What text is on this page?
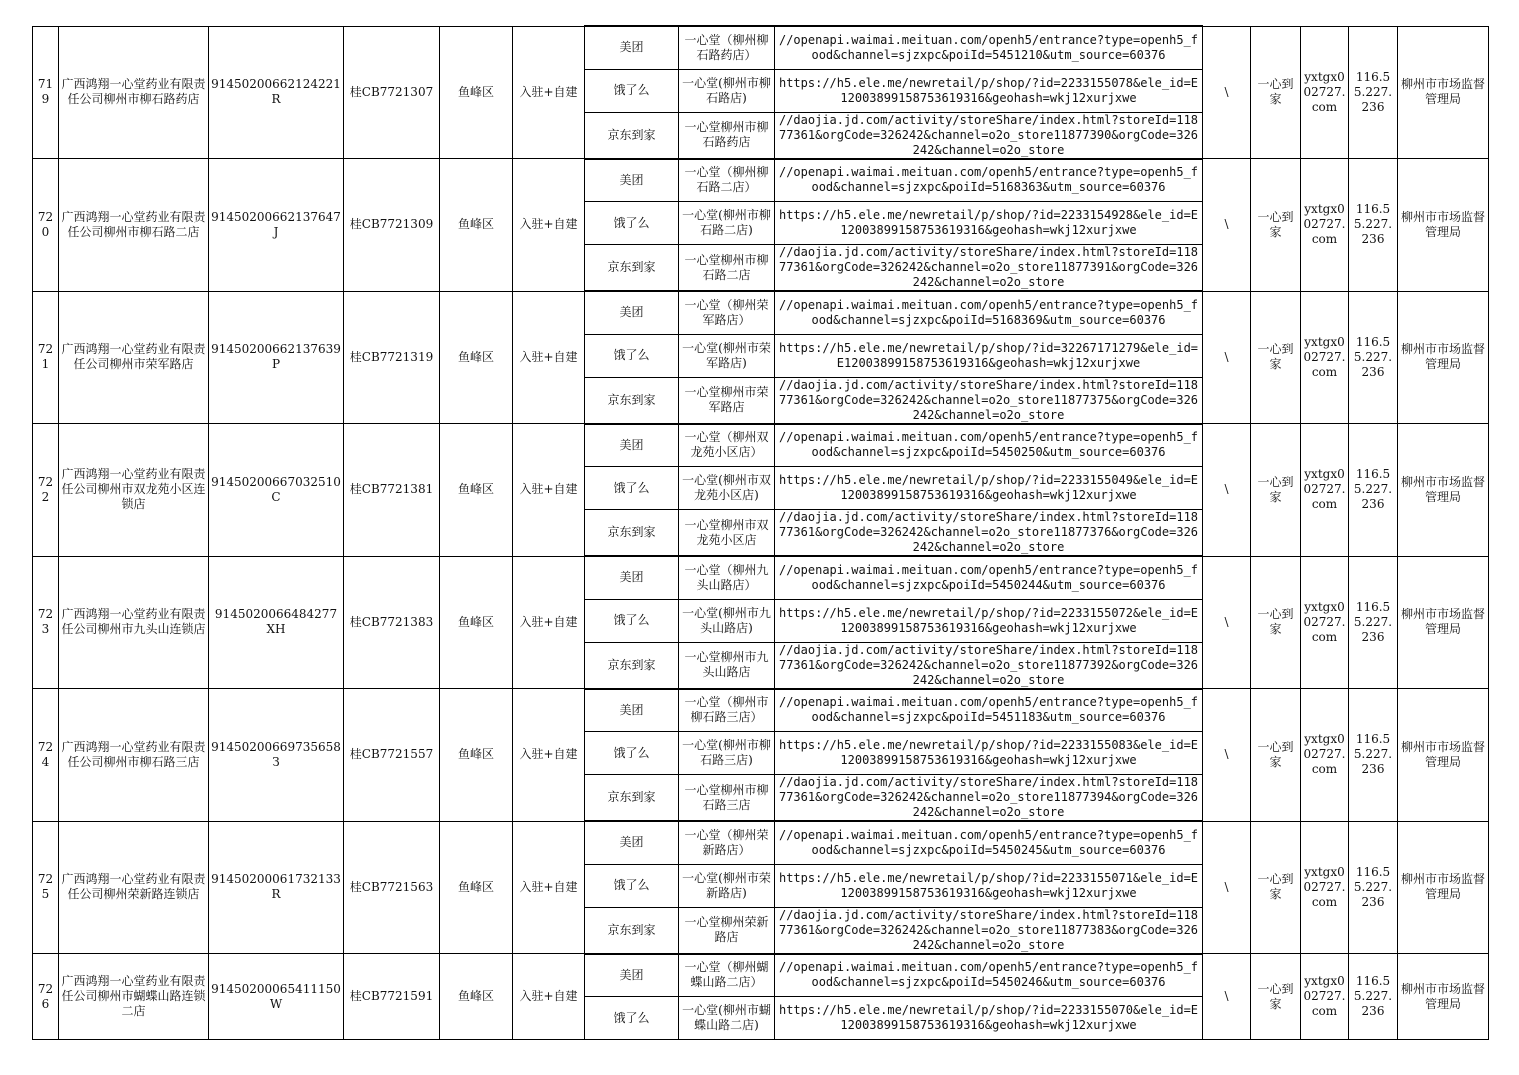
719	广西鸿翔一心堂药业有限责任公司柳州市柳石路药店	91450200662124221R	桂CB7721307	鱼峰区	入驻+自建	美团	一心堂（柳州柳石路药店）	//openapi.waimai.meituan.com/openh5/entrance?type=openh5_food&channel=sjzxpc&poiId=5451210&utm_source=60376	\	一心到家	yxtgx002727.com	116.55.227.236	柳州市市场监督管理局
						饿了么	一心堂(柳州市柳石路店)	https://h5.ele.me/newretail/p/shop/?id=2233155078&ele_id=E12003899158753619316&geohash=wkj12xurjxwe					
						京东到家	一心堂柳州市柳石路药店	//daojia.jd.com/activity/storeShare/index.html?storeId=11877361&orgCode=326242&channel=o2o_store11877390&orgCode=326242&channel=o2o_store					
720	广西鸿翔一心堂药业有限责任公司柳州市柳石路二店	91450200662137647J	桂CB7721309	鱼峰区	入驻+自建	美团	一心堂（柳州柳石路二店）	//openapi.waimai.meituan.com/openh5/entrance?type=openh5_food&channel=sjzxpc&poiId=5168363&utm_source=60376	\	一心到家	yxtgx002727.com	116.55.227.236	柳州市市场监督管理局
						饿了么	一心堂(柳州市柳石路二店)	https://h5.ele.me/newretail/p/shop/?id=2233154928&ele_id=E12003899158753619316&geohash=wkj12xurjxwe					
						京东到家	一心堂柳州市柳石路二店	//daojia.jd.com/activity/storeShare/index.html?storeId=11877361&orgCode=326242&channel=o2o_store11877391&orgCode=326242&channel=o2o_store					
721	广西鸿翔一心堂药业有限责任公司柳州市荣军路店	91450200662137639P	桂CB7721319	鱼峰区	入驻+自建	美团	一心堂（柳州荣军路店）	//openapi.waimai.meituan.com/openh5/entrance?type=openh5_food&channel=sjzxpc&poiId=5168369&utm_source=60376	\	一心到家	yxtgx002727.com	116.55.227.236	柳州市市场监督管理局
						饿了么	一心堂(柳州市荣军路店)	https://h5.ele.me/newretail/p/shop/?id=32267171279&ele_id=E12003899158753619316&geohash=wkj12xurjxwe					
						京东到家	一心堂柳州市荣军路店	//daojia.jd.com/activity/storeShare/index.html?storeId=11877361&orgCode=326242&channel=o2o_store11877375&orgCode=326242&channel=o2o_store					
722	广西鸿翔一心堂药业有限责任公司柳州市双龙苑小区连锁店	91450200667032510C	桂CB7721381	鱼峰区	入驻+自建	美团	一心堂（柳州双龙苑小区店）	//openapi.waimai.meituan.com/openh5/entrance?type=openh5_food&channel=sjzxpc&poiId=5450250&utm_source=60376	\	一心到家	yxtgx002727.com	116.55.227.236	柳州市市场监督管理局
						饿了么	一心堂(柳州市双龙苑小区店)	https://h5.ele.me/newretail/p/shop/?id=2233155049&ele_id=E12003899158753619316&geohash=wkj12xurjxwe					
						京东到家	一心堂柳州市双龙苑小区店	//daojia.jd.com/activity/storeShare/index.html?storeId=11877361&orgCode=326242&channel=o2o_store11877376&orgCode=326242&channel=o2o_store					
723	广西鸿翔一心堂药业有限责任公司柳州市九头山连锁店	9145020066484277XH	桂CB7721383	鱼峰区	入驻+自建	美团	一心堂（柳州九头山路店）	//openapi.waimai.meituan.com/openh5/entrance?type=openh5_food&channel=sjzxpc&poiId=5450244&utm_source=60376	\	一心到家	yxtgx002727.com	116.55.227.236	柳州市市场监督管理局
						饿了么	一心堂(柳州市九头山路店)	https://h5.ele.me/newretail/p/shop/?id=2233155072&ele_id=E12003899158753619316&geohash=wkj12xurjxwe					
						京东到家	一心堂柳州市九头山路店	//daojia.jd.com/activity/storeShare/index.html?storeId=11877361&orgCode=326242&channel=o2o_store11877392&orgCode=326242&channel=o2o_store					
724	广西鸿翔一心堂药业有限责任公司柳州市柳石路三店	91450200669735658З	桂CB7721557	鱼峰区	入驻+自建	美团	一心堂（柳州市柳石路三店）	//openapi.waimai.meituan.com/openh5/entrance?type=openh5_food&channel=sjzxpc&poiId=5451183&utm_source=60376	\	一心到家	yxtgx002727.com	116.55.227.236	柳州市市场监督管理局
						饿了么	一心堂(柳州市柳石路三店)	https://h5.ele.me/newretail/p/shop/?id=2233155083&ele_id=E12003899158753619316&geohash=wkj12xurjxwe					
						京东到家	一心堂柳州市柳石路三店	//daojia.jd.com/activity/storeShare/index.html?storeId=11877361&orgCode=326242&channel=o2o_store11877394&orgCode=326242&channel=o2o_store					
725	广西鸿翔一心堂药业有限责任公司柳州荣新路连锁店	91450200061732133R	桂CB7721563	鱼峰区	入驻+自建	美团	一心堂（柳州荣新路店）	//openapi.waimai.meituan.com/openh5/entrance?type=openh5_food&channel=sjzxpc&poiId=5450245&utm_source=60376	\	一心到家	yxtgx002727.com	116.55.227.236	柳州市市场监督管理局
						饿了么	一心堂(柳州市荣新路店)	https://h5.ele.me/newretail/p/shop/?id=2233155071&ele_id=E12003899158753619316&geohash=wkj12xurjxwe					
						京东到家	一心堂柳州荣新路店	//daojia.jd.com/activity/storeShare/index.html?storeId=11877361&orgCode=326242&channel=o2o_store11877383&orgCode=326242&channel=o2o_store					
726	广西鸿翔一心堂药业有限责任公司柳州市蝴蝶山路连锁二店	91450200065411150W	桂CB7721591	鱼峰区	入驻+自建	美团	一心堂（柳州蝴蝶山路二店）	//openapi.waimai.meituan.com/openh5/entrance?type=openh5_food&channel=sjzxpc&poiId=5450246&utm_source=60376	\	一心到家	yxtgx002727.com	116.55.227.236	柳州市市场监督管理局
						饿了么	一心堂(柳州市蝴蝶山路二店)	https://h5.ele.me/newretail/p/shop/?id=2233155070&ele_id=E12003899158753619316&geohash=wkj12xurjxwe					
